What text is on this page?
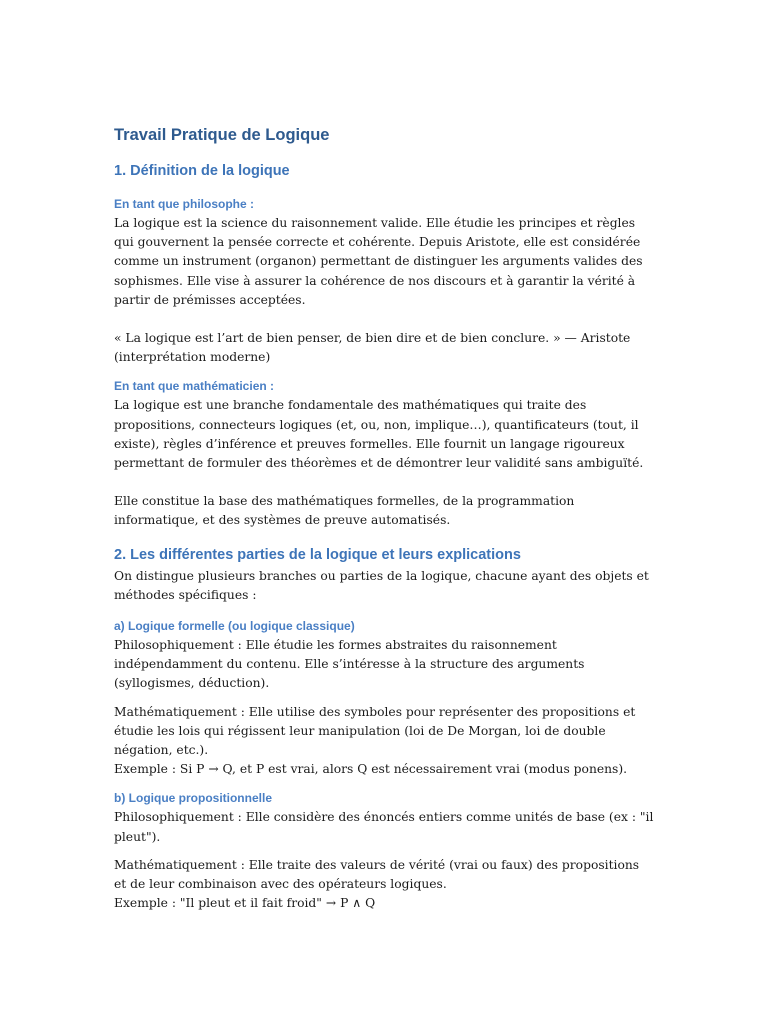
Travail Pratique de Logique
1. Définition de la logique
En tant que philosophe :

La logique est la science du raisonnement valide. Elle étudie les principes et règles qui gouvernent la pensée correcte et cohérente. Depuis Aristote, elle est considérée comme un instrument (organon) permettant de distinguer les arguments valides des sophismes. Elle vise à assurer la cohérence de nos discours et à garantir la vérité à partir de prémisses acceptées.

« La logique est l’art de bien penser, de bien dire et de bien conclure. » — Aristote (interprétation moderne)

En tant que mathématicien :

La logique est une branche fondamentale des mathématiques qui traite des propositions, connecteurs logiques (et, ou, non, implique…), quantificateurs (tout, il existe), règles d’inférence et preuves formelles. Elle fournit un langage rigoureux permettant de formuler des théorèmes et de démontrer leur validité sans ambiguïté.

Elle constitue la base des mathématiques formelles, de la programmation informatique, et des systèmes de preuve automatisés.

2. Les différentes parties de la logique et leurs explications

On distingue plusieurs branches ou parties de la logique, chacune ayant des objets et méthodes spécifiques :

a) Logique formelle (ou logique classique)

Philosophiquement : Elle étudie les formes abstraites du raisonnement indépendamment du contenu. Elle s’intéresse à la structure des arguments (syllogismes, déduction).

Mathématiquement : Elle utilise des symboles pour représenter des propositions et étudie les lois qui régissent leur manipulation (loi de De Morgan, loi de double négation, etc.).

Exemple : Si P → Q, et P est vrai, alors Q est nécessairement vrai (modus ponens).

b) Logique propositionnelle

Philosophiquement : Elle considère des énoncés entiers comme unités de base (ex : "il pleut").

Mathématiquement : Elle traite des valeurs de vérité (vrai ou faux) des propositions et de leur combinaison avec des opérateurs logiques.

Exemple : "Il pleut et il fait froid" → P ∧ Q
